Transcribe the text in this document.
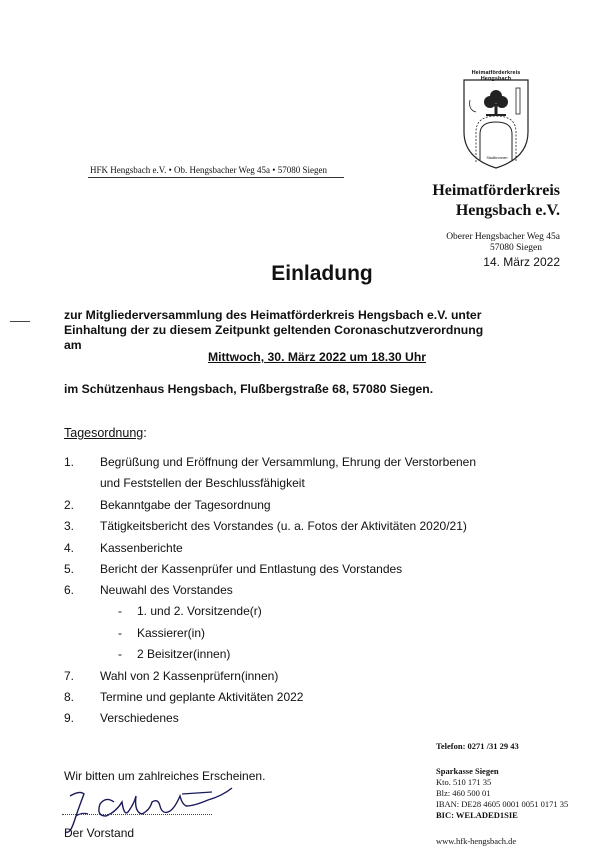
Heimatförderkreis Hengsbach
Stadtbrunnen
HFK Hengsbach e.V. • Ob. Hengsbacher Weg 45a • 57080 Siegen
Heimatförderkreis
Hengsbach e.V.
Oberer Hengsbacher Weg 45a
57080 Siegen
14. März 2022
Einladung
zur Mitgliederversammlung des Heimatförderkreis Hengsbach e.V. unter
Einhaltung der zu diesem Zeitpunkt geltenden Coronaschutzverordnung
am
Mittwoch, 30. März 2022 um 18.30 Uhr
im Schützenhaus Hengsbach, Flußbergstraße 68, 57080 Siegen.
Tagesordnung:
1. Begrüßung und Eröffnung der Versammlung, Ehrung der Verstorbenen
und Feststellen der Beschlussfähigkeit
2. Bekanntgabe der Tagesordnung
3. Tätigkeitsbericht des Vorstandes (u. a. Fotos der Aktivitäten 2020/21)
4. Kassenberichte
5. Bericht der Kassenprüfer und Entlastung des Vorstandes
6. Neuwahl des Vorstandes
- 1. und 2. Vorsitzende(r)
- Kassierer(in)
- 2 Beisitzer(innen)
7. Wahl von 2 Kassenprüfern(innen)
8. Termine und geplante Aktivitäten 2022
9. Verschiedenes
Telefon: 0271 /31 29 43
Sparkasse Siegen
Kto. 510 171 35
Blz: 460 500 01
IBAN: DE28 4605 0001 0051 0171 35
BIC: WELADED1SIE
www.hfk-hengsbach.de
Wir bitten um zahlreiches Erscheinen.
Der Vorstand
